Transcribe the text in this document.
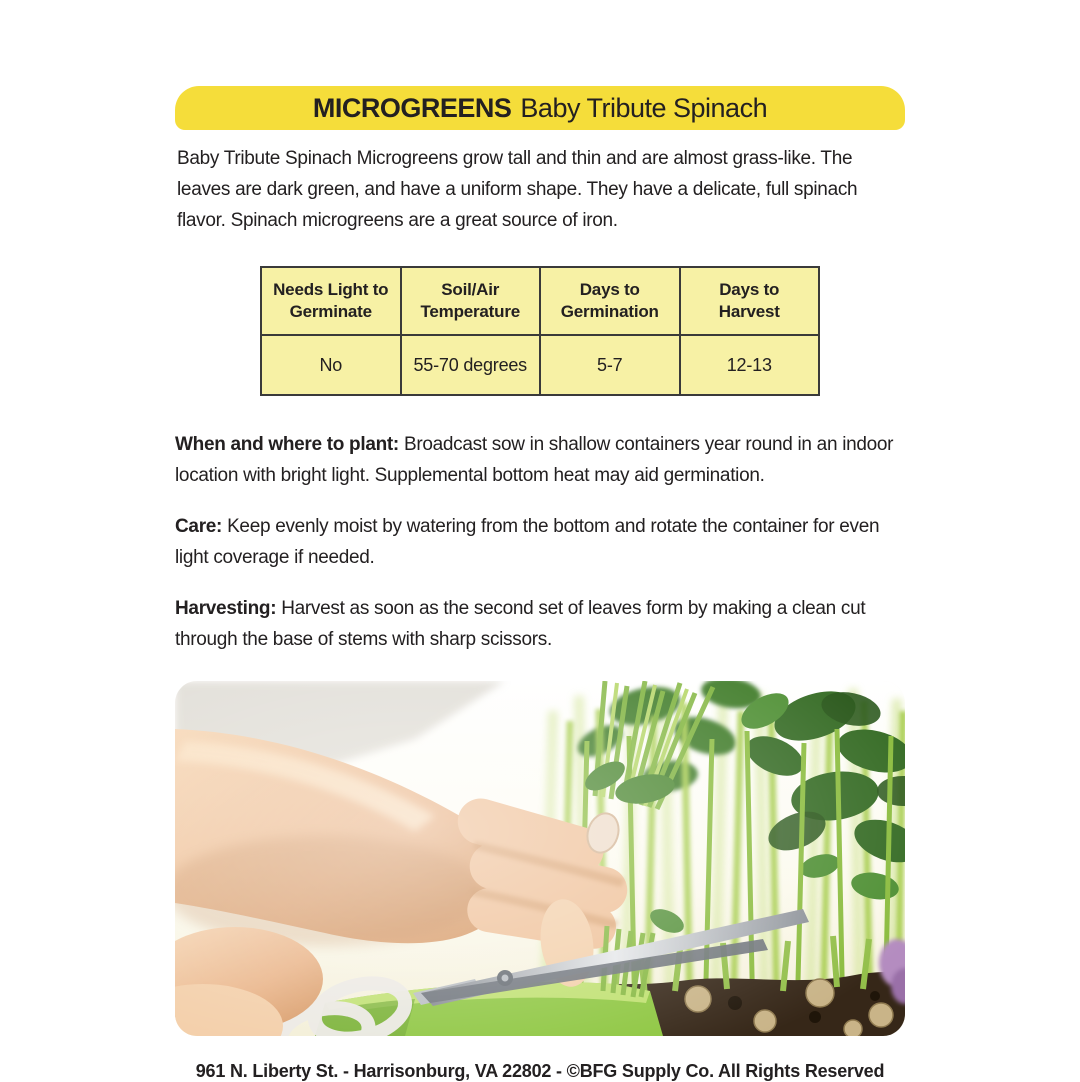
MICROGREENS Baby Tribute Spinach

Baby Tribute Spinach Microgreens grow tall and thin and are almost grass-like. The leaves are dark green, and have a uniform shape. They have a delicate, full spinach flavor. Spinach microgreens are a great source of iron.

Needs Light to Germinate	Soil/Air Temperature	Days to Germination	Days to Harvest
No	55-70 degrees	5-7	12-13

When and where to plant: Broadcast sow in shallow containers year round in an indoor location with bright light. Supplemental bottom heat may aid germination.

Care: Keep evenly moist by watering from the bottom and rotate the container for even light coverage if needed.

Harvesting: Harvest as soon as the second set of leaves form by making a clean cut through the base of stems with sharp scissors.

961 N. Liberty St. - Harrisonburg, VA 22802 - ©BFG Supply Co. All Rights Reserved
